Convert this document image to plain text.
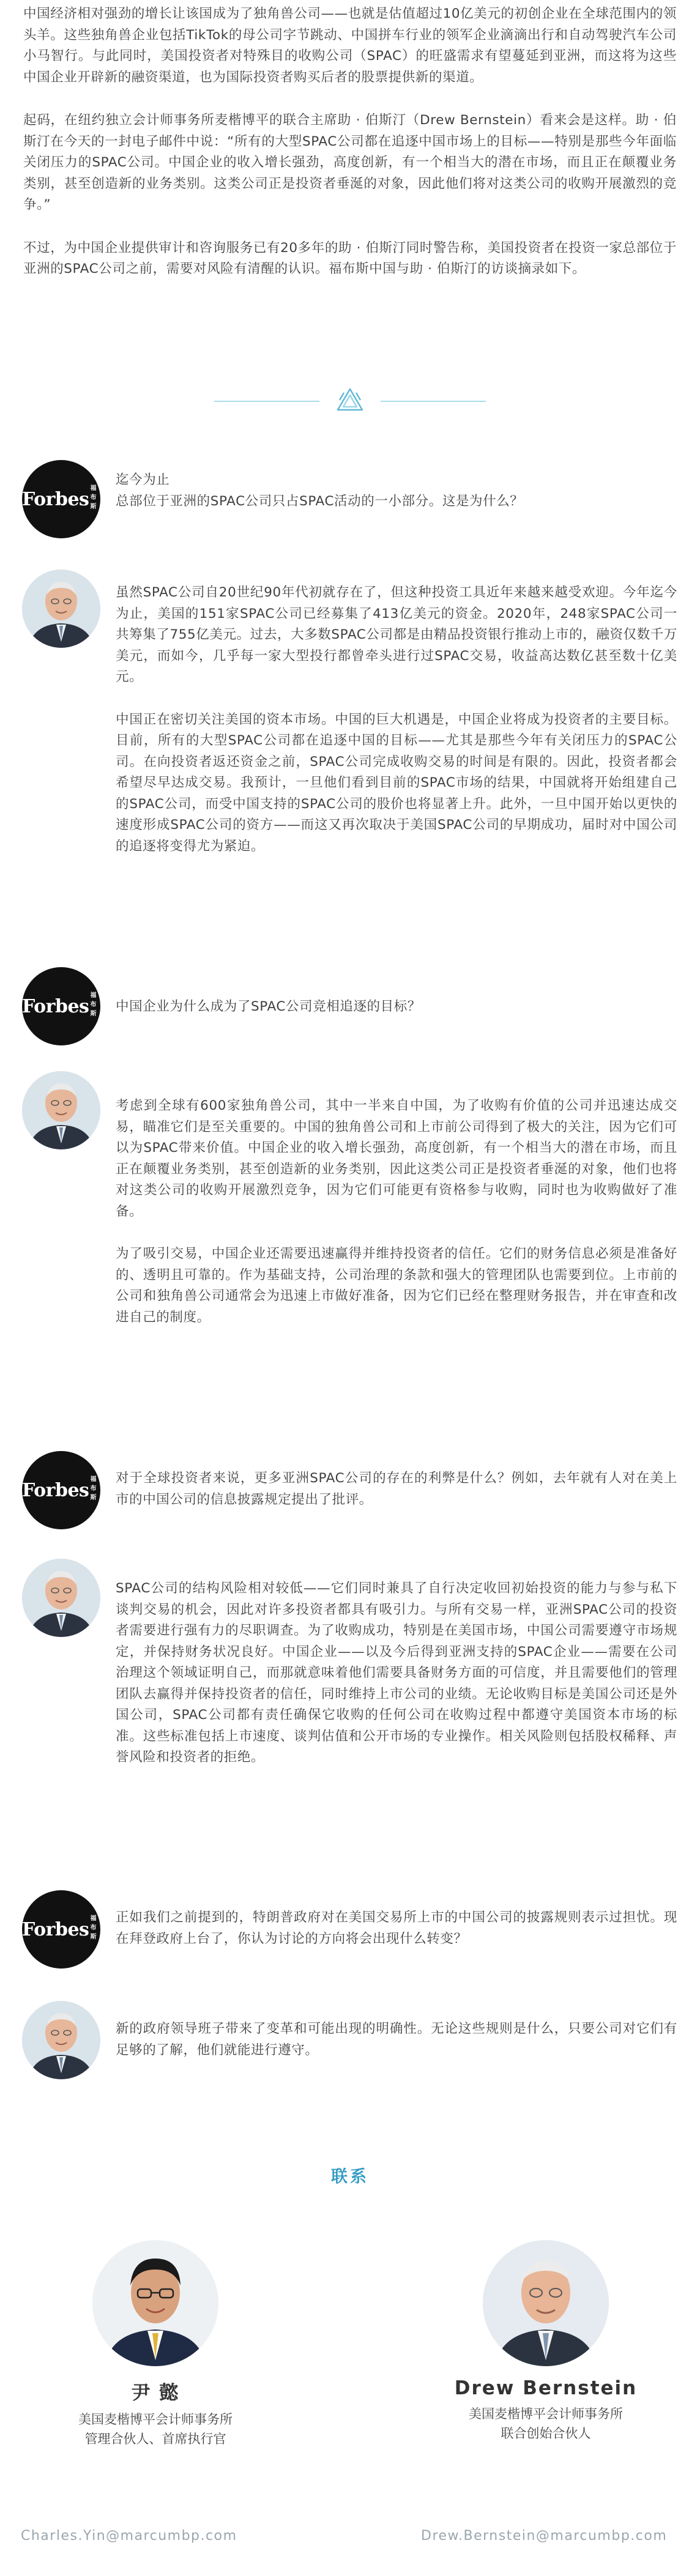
中国经济相对强劲的增长让该国成为了独角兽公司——也就是估值超过10亿美元的初创企业在全球范围内的领头羊。这些独角兽企业包括TikTok的母公司字节跳动、中国拼车行业的领军企业滴滴出行和自动驾驶汽车公司小马智行。与此同时，美国投资者对特殊目的收购公司（SPAC）的旺盛需求有望蔓延到亚洲，而这将为这些中国企业开辟新的融资渠道，也为国际投资者购买后者的股票提供新的渠道。

起码，在纽约独立会计师事务所麦楷博平的联合主席助 · 伯斯汀（Drew Bernstein）看来会是这样。助 · 伯斯汀在今天的一封电子邮件中说：“所有的大型SPAC公司都在追逐中国市场上的目标——特别是那些今年面临关闭压力的SPAC公司。中国企业的收入增长强劲，高度创新，有一个相当大的潜在市场，而且正在颠覆业务类别，甚至创造新的业务类别。这类公司正是投资者垂涎的对象，因此他们将对这类公司的收购开展激烈的竞争。”

不过，为中国企业提供审计和咨询服务已有20多年的助 · 伯斯汀同时警告称，美国投资者在投资一家总部位于亚洲的SPAC公司之前，需要对风险有清醒的认识。福布斯中国与助 · 伯斯汀的访谈摘录如下。

Forbes
福布斯
迄今为止
总部位于亚洲的SPAC公司只占SPAC活动的一小部分。这是为什么？

虽然SPAC公司自20世纪90年代初就存在了，但这种投资工具近年来越来越受欢迎。今年迄今为止，美国的151家SPAC公司已经募集了413亿美元的资金。2020年，248家SPAC公司一共筹集了755亿美元。过去，大多数SPAC公司都是由精品投资银行推动上市的，融资仅数千万美元，而如今，几乎每一家大型投行都曾牵头进行过SPAC交易，收益高达数亿甚至数十亿美元。

中国正在密切关注美国的资本市场。中国的巨大机遇是，中国企业将成为投资者的主要目标。目前，所有的大型SPAC公司都在追逐中国的目标——尤其是那些今年有关闭压力的SPAC公司。在向投资者返还资金之前，SPAC公司完成收购交易的时间是有限的。因此，投资者都会希望尽早达成交易。我预计，一旦他们看到目前的SPAC市场的结果，中国就将开始组建自己的SPAC公司，而受中国支持的SPAC公司的股价也将显著上升。此外，一旦中国开始以更快的速度形成SPAC公司的资方——而这又再次取决于美国SPAC公司的早期成功，届时对中国公司的追逐将变得尤为紧迫。

Forbes
福布斯	中国企业为什么成为了SPAC公司竞相追逐的目标？

考虑到全球有600家独角兽公司，其中一半来自中国，为了收购有价值的公司并迅速达成交易，瞄准它们是至关重要的。中国的独角兽公司和上市前公司得到了极大的关注，因为它们可以为SPAC带来价值。中国企业的收入增长强劲，高度创新，有一个相当大的潜在市场，而且正在颠覆业务类别，甚至创造新的业务类别，因此这类公司正是投资者垂涎的对象，他们也将对这类公司的收购开展激烈竞争，因为它们可能更有资格参与收购，同时也为收购做好了准备。

为了吸引交易，中国企业还需要迅速赢得并维持投资者的信任。它们的财务信息必须是准备好的、透明且可靠的。作为基础支持，公司治理的条款和强大的管理团队也需要到位。上市前的公司和独角兽公司通常会为迅速上市做好准备，因为它们已经在整理财务报告，并在审查和改进自己的制度。

Forbes
福布斯
对于全球投资者来说，更多亚洲SPAC公司的存在的利弊是什么？例如，去年就有人对在美上市的中国公司的信息披露规定提出了批评。

SPAC公司的结构风险相对较低——它们同时兼具了自行决定收回初始投资的能力与参与私下谈判交易的机会，因此对许多投资者都具有吸引力。与所有交易一样，亚洲SPAC公司的投资者需要进行强有力的尽职调查。为了收购成功，特别是在美国市场，中国公司需要遵守市场规定，并保持财务状况良好。中国企业——以及今后得到亚洲支持的SPAC企业——需要在公司治理这个领域证明自己，而那就意味着他们需要具备财务方面的可信度，并且需要他们的管理团队去赢得并保持投资者的信任，同时维持上市公司的业绩。无论收购目标是美国公司还是外国公司，SPAC公司都有责任确保它收购的任何公司在收购过程中都遵守美国资本市场的标准。这些标准包括上市速度、谈判估值和公开市场的专业操作。相关风险则包括股权稀释、声誉风险和投资者的拒绝。

Forbes
福布斯
正如我们之前提到的，特朗普政府对在美国交易所上市的中国公司的披露规则表示过担忧。现在拜登政府上台了，你认为讨论的方向将会出现什么转变？

新的政府领导班子带来了变革和可能出现的明确性。无论这些规则是什么，只要公司对它们有足够的了解，他们就能进行遵守。

联系
尹 懿
美国麦楷博平会计师事务所
管理合伙人、首席执行官
Drew Bernstein
美国麦楷博平会计师事务所
联合创始合伙人
Charles.Yin@marcumbp.com	Drew.Bernstein@marcumbp.com
